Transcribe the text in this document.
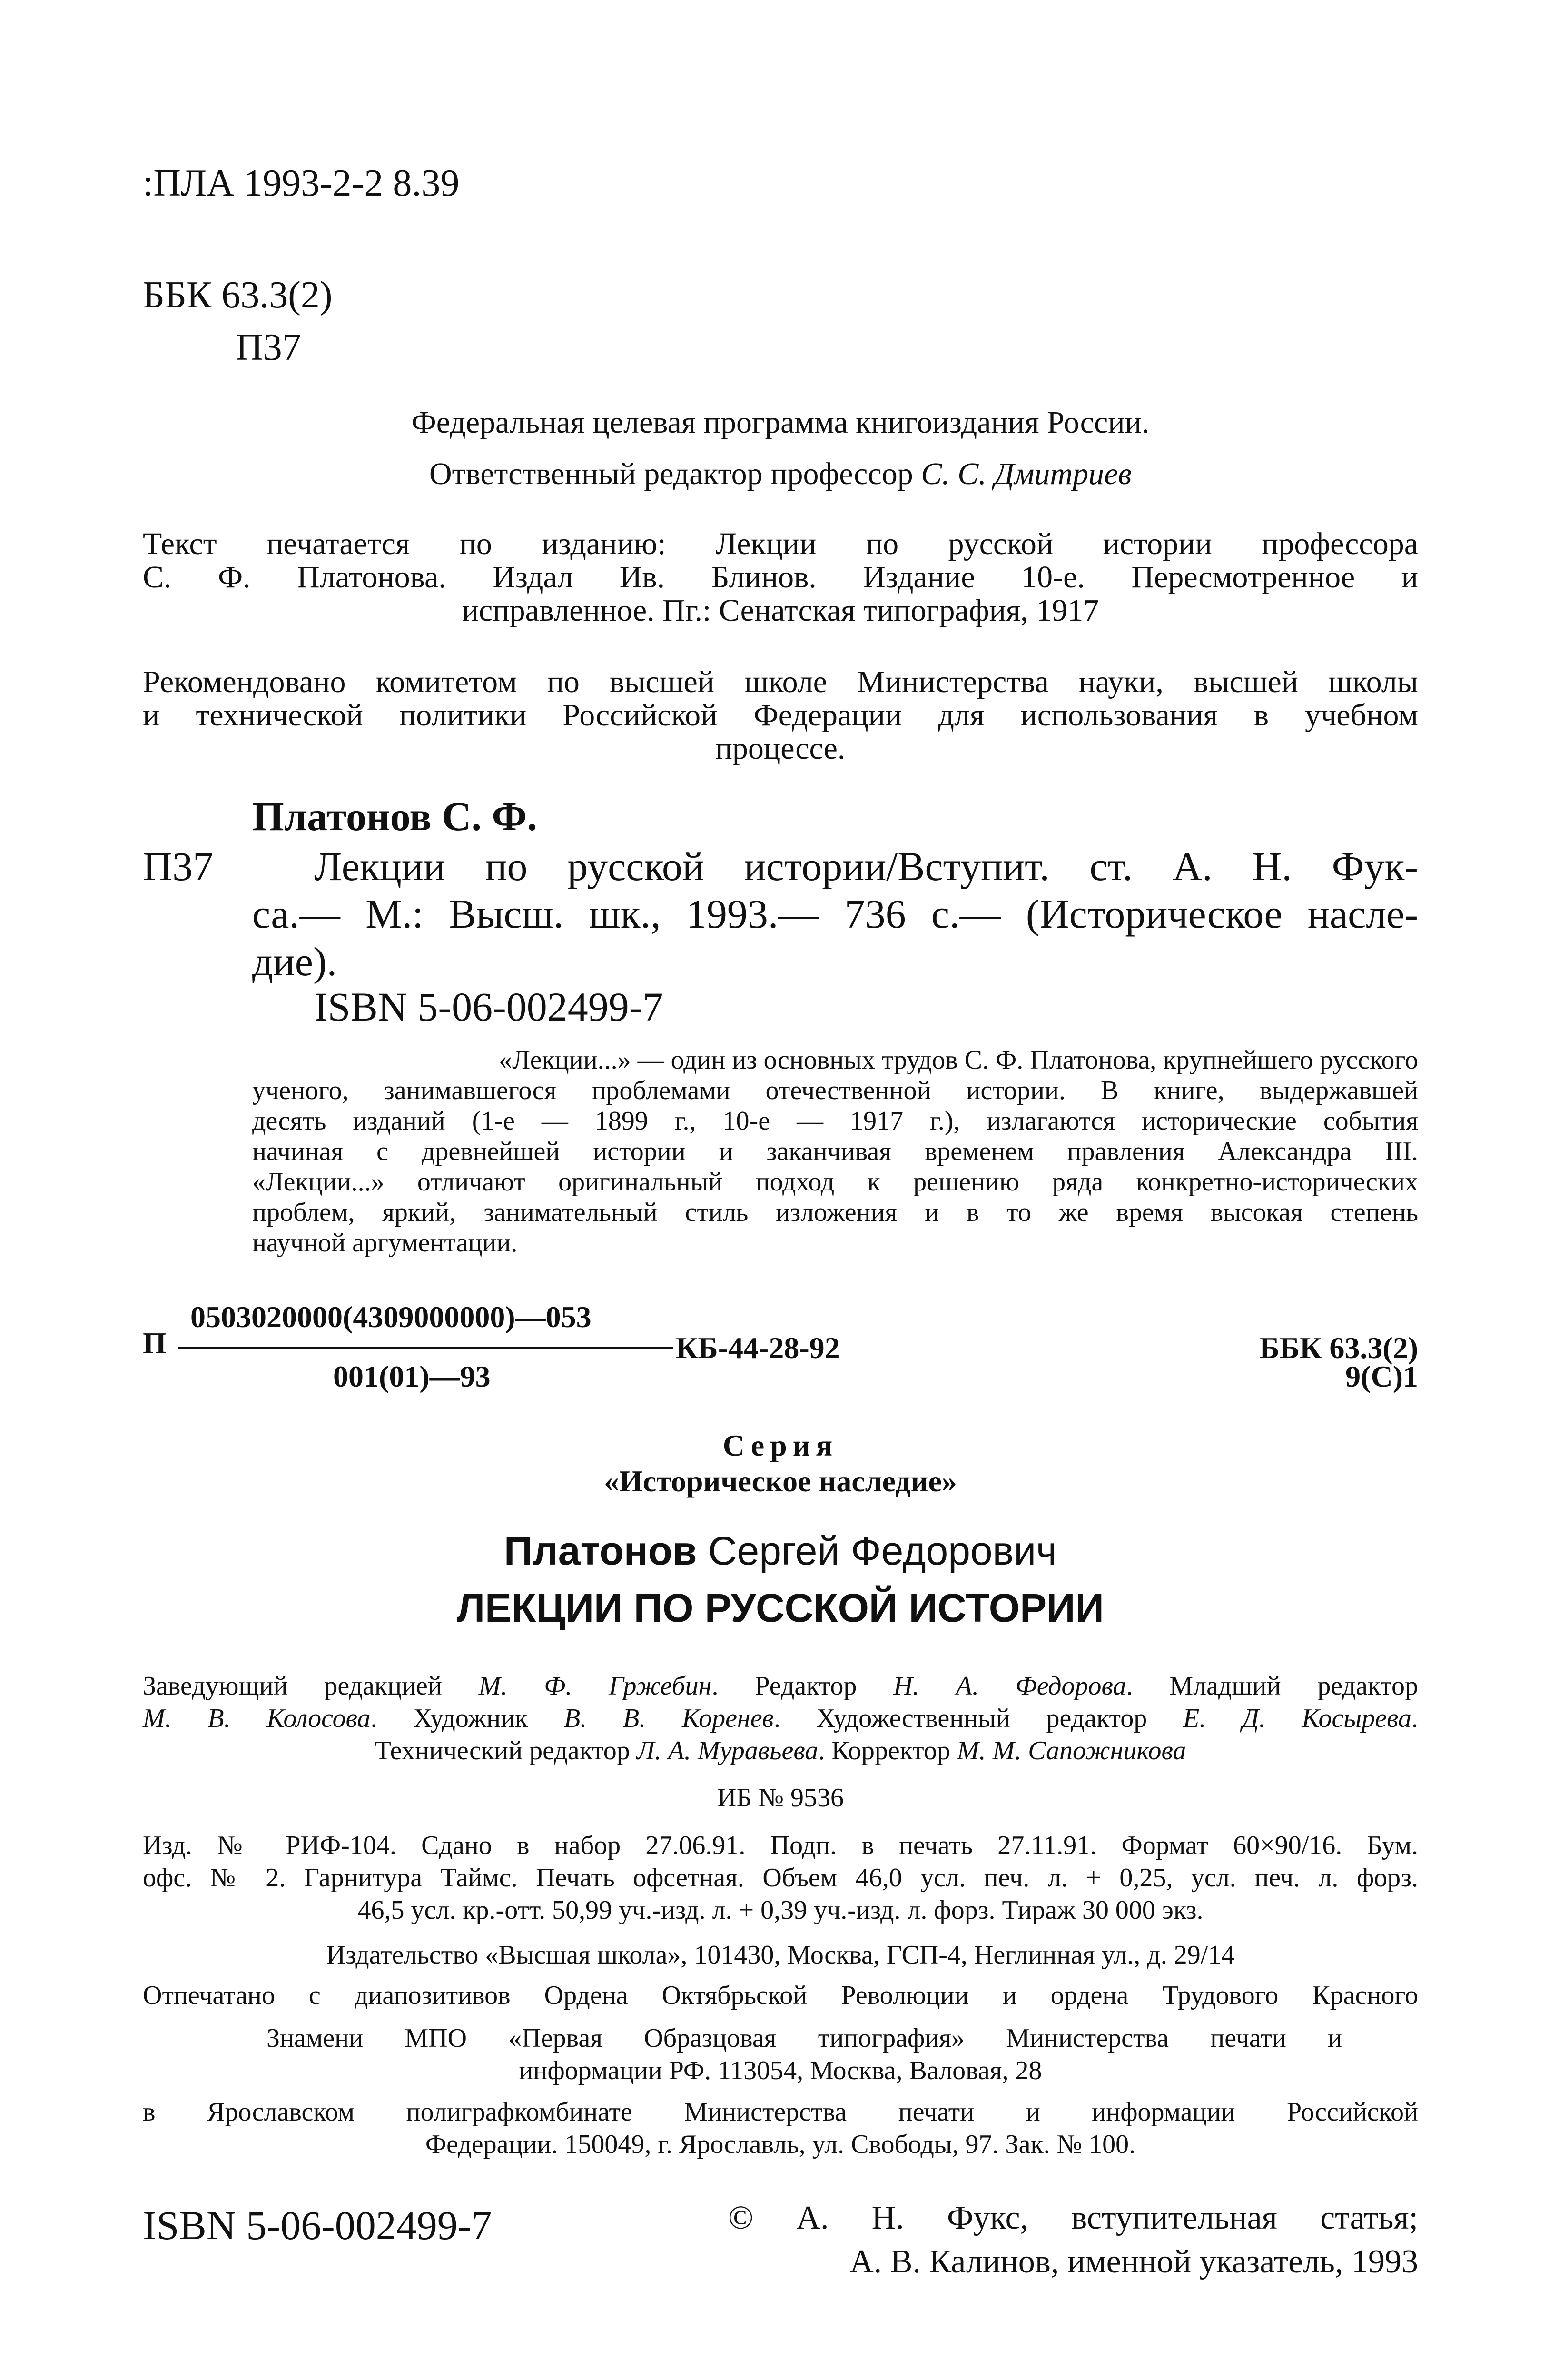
:ПЛА 1993-2-2 8.39
ББК 63.3(2)
П37
Федеральная целевая программа книгоиздания России.
Ответственный редактор профессор С. С. Дмитриев
Текст печатается по изданию: Лекции по русской истории профессора
С. Ф. Платонова. Издал Ив. Блинов. Издание 10-е. Пересмотренное и
исправленное. Пг.: Сенатская типография, 1917
Рекомендовано комитетом по высшей школе Министерства науки, высшей школы
и технической политики Российской Федерации для использования в учебном
процессе.
Платонов С. Ф.
П37 Лекции по русской истории/Вступит. ст. А. Н. Фук-
са.— М.: Высш. шк., 1993.— 736 с.— (Историческое насле-
дие).
ISBN 5-06-002499-7
«Лекции...» — один из основных трудов С. Ф. Платонова, крупнейшего русского
ученого, занимавшегося проблемами отечественной истории. В книге, выдержавшей
десять изданий (1-е — 1899 г., 10-е — 1917 г.), излагаются исторические события
начиная с древнейшей истории и заканчивая временем правления Александра III.
«Лекции...» отличают оригинальный подход к решению ряда конкретно-исторических
проблем, яркий, занимательный стиль изложения и в то же время высокая степень
научной аргументации.
0503020000(4309000000)—053
П	КБ-44-28-92
001(01)—93
ББК 63.3(2)
9(С)1
Серия
«Историческое наследие»
Платонов Сергей Федорович
ЛЕКЦИИ ПО РУССКОЙ ИСТОРИИ
Заведующий редакцией М. Ф. Гржебин. Редактор Н. А. Федорова. Младший редактор
М. В. Колосова. Художник В. В. Коренев. Художественный редактор Е. Д. Косырева.
Технический редактор Л. А. Муравьева. Корректор М. М. Сапожникова
ИБ № 9536
Изд. № РИФ-104. Сдано в набор 27.06.91. Подп. в печать 27.11.91. Формат 60×90/16. Бум.
офс. № 2. Гарнитура Таймс. Печать офсетная. Объем 46,0 усл. печ. л. + 0,25, усл. печ. л. форз.
46,5 усл. кр.-отт. 50,99 уч.-изд. л. + 0,39 уч.-изд. л. форз. Тираж 30 000 экз.
Издательство «Высшая школа», 101430, Москва, ГСП-4, Неглинная ул., д. 29/14
Отпечатано с диапозитивов Ордена Октябрьской Революции и ордена Трудового Красного
Знамени МПО «Первая Образцовая типография» Министерства печати и
информации РФ. 113054, Москва, Валовая, 28
в Ярославском полиграфкомбинате Министерства печати и информации Российской
Федерации. 150049, г. Ярославль, ул. Свободы, 97. Зак. № 100.
ISBN 5-06-002499-7	© А. Н. Фукс, вступительная статья;
А. В. Калинов, именной указатель, 1993
